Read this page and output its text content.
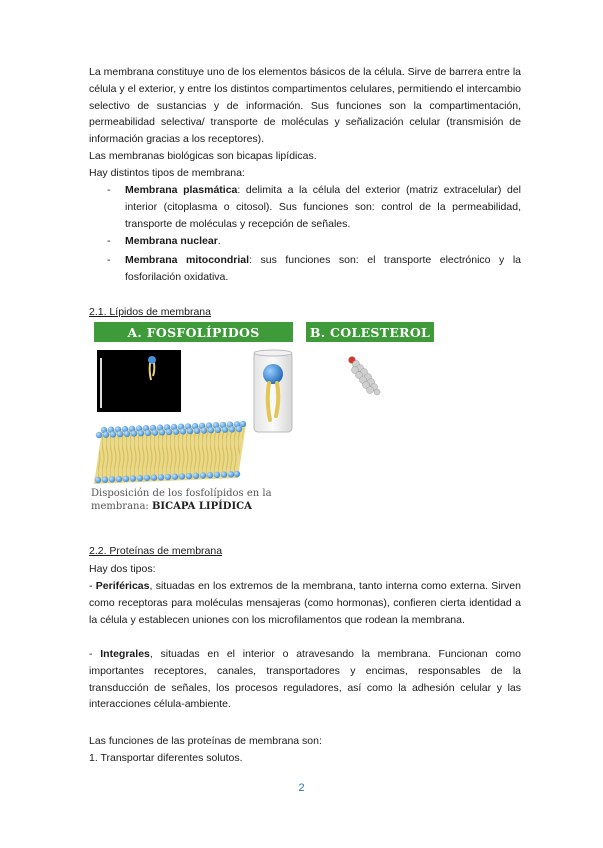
La membrana constituye uno de los elementos básicos de la célula. Sirve de barrera entre la célula y el exterior, y entre los distintos compartimentos celulares, permitiendo el intercambio selectivo de sustancias y de información. Sus funciones son la compartimentación, permeabilidad selectiva/ transporte de moléculas y señalización celular (transmisión de información gracias a los receptores).

Las membranas biológicas son bicapas lipídicas.

Hay distintos tipos de membrana:

- Membrana plasmática: delimita a la célula del exterior (matriz extracelular) del interior (citoplasma o citosol). Sus funciones son: control de la permeabilidad, transporte de moléculas y recepción de señales.

- Membrana nuclear.

- Membrana mitocondrial: sus funciones son: el transporte electrónico y la fosforilación oxidativa.

2.1. Lípidos de membrana

A. FOSFOLÍPIDOS	B. COLESTEROL
Disposición de los fosfolípidos en la
membrana: BICAPA LIPÍDICA

2.2. Proteínas de membrana

Hay dos tipos:

- Periféricas, situadas en los extremos de la membrana, tanto interna como externa. Sirven como receptoras para moléculas mensajeras (como hormonas), confieren cierta identidad a la célula y establecen uniones con los microfilamentos que rodean la membrana.

- Integrales, situadas en el interior o atravesando la membrana. Funcionan como importantes receptores, canales, transportadores y encimas, responsables de la transducción de señales, los procesos reguladores, así como la adhesión celular y las interacciones célula-ambiente.

Las funciones de las proteínas de membrana son:

1. Transportar diferentes solutos.

2
